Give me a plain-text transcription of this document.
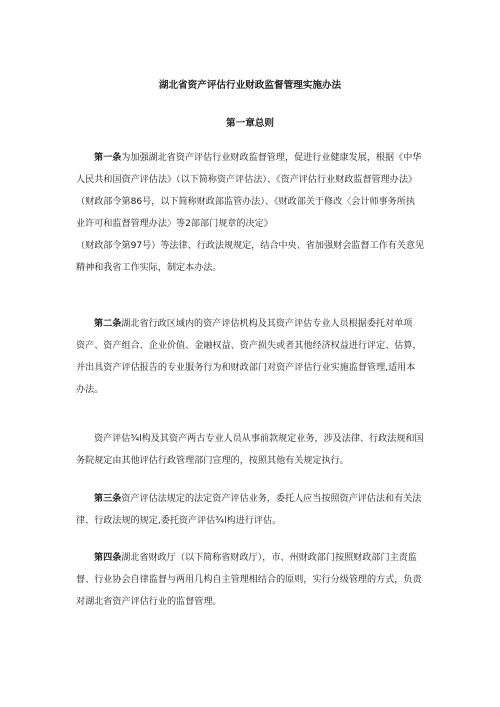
湖北省资产评估行业财政监督管理实施办法
第一章总则

第一条为加强湖北省资产评估行业财政监督管理，促进行业健康发展，根据《中华
人民共和国资产评估法》（以下简称资产评估法）、《资产评估行业财政监督管理办法》
（财政部令第86号，以下简称财政部监管办法）、《财政部关于修改〈会计师事务所执
业许可和监督管理办法〉等2部部门规章的决定》
（财政部令第97号）等法律、行政法规规定，结合中央、省加强财会监督工作有关意见
精神和我省工作实际，制定本办法。

第二条湖北省行政区域内的资产评估机构及其资产评估专业人员根据委托对单项
资产、资产组合、企业价值、金融权益、资产损失或者其他经济权益进行评定、估算，
并出具资产评估报告的专业服务行为和财政部门对资产评估行业实施监督管理,适用本
办法。

资产评估¾l构及其资产两古专业人员从事前款规定业务，涉及法律、行政法规和国
务院规定由其他评估行政管理部门宣理的，按照其他有关规定执行。

第三条资产评估法规定的法定资产评估业务，委托人应当按照资产评估法和有关法
律、行政法规的规定,委托资产评估¾l构进行评估。

第四条湖北省财政厅（以下简称省财政厅），市、州财政部门按照财政部门主责监
督、行业协会自律监督与两用几构自主管理相结合的原则，实行分级管理的方式，负责
对湖北省资产评估行业的监督管理。
